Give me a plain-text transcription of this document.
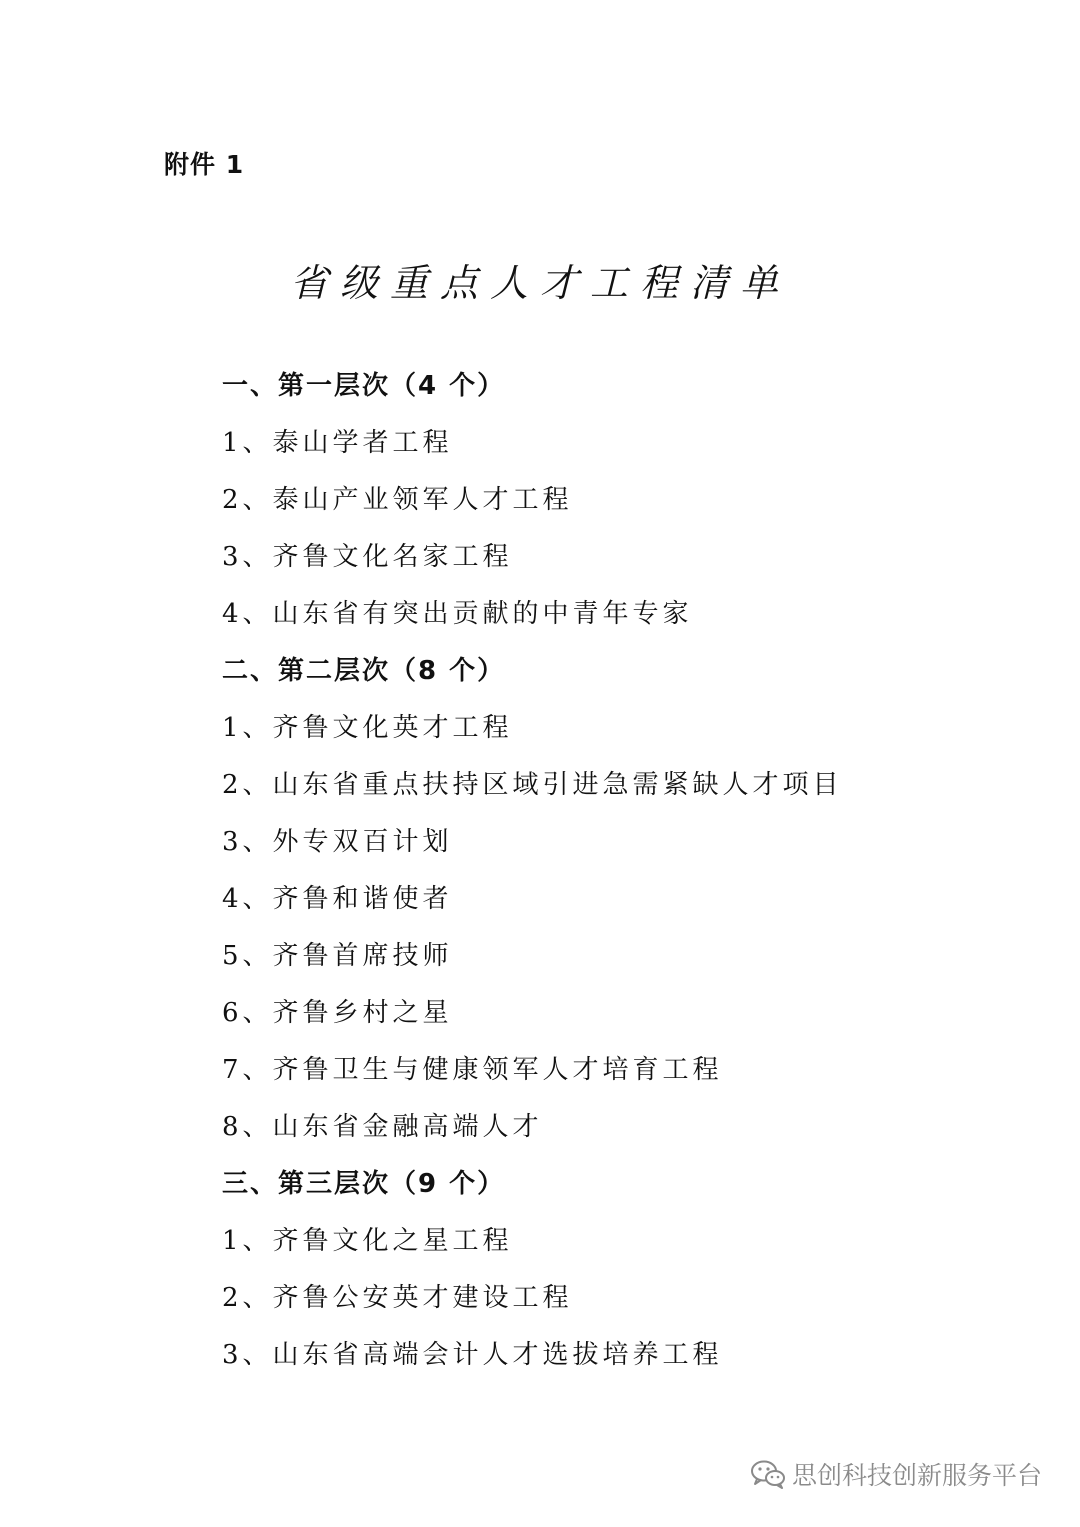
附件 1
省级重点人才工程清单
一、第一层次（4 个）
1、泰山学者工程
2、泰山产业领军人才工程
3、齐鲁文化名家工程
4、山东省有突出贡献的中青年专家
二、第二层次（8 个）
1、齐鲁文化英才工程
2、山东省重点扶持区域引进急需紧缺人才项目
3、外专双百计划
4、齐鲁和谐使者
5、齐鲁首席技师
6、齐鲁乡村之星
7、齐鲁卫生与健康领军人才培育工程
8、山东省金融高端人才
三、第三层次（9 个）
1、齐鲁文化之星工程
2、齐鲁公安英才建设工程
3、山东省高端会计人才选拔培养工程
思创科技创新服务平台
